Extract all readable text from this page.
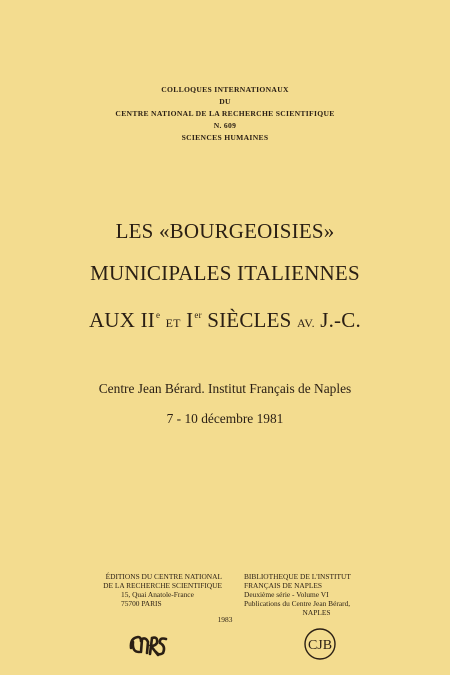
COLLOQUES INTERNATIONAUX
DU
CENTRE NATIONAL DE LA RECHERCHE SCIENTIFIQUE
N. 609
SCIENCES HUMAINES
LES «BOURGEOISIES»
MUNICIPALES ITALIENNES
AUX IIe ET Ier SIÈCLES AV. J.-C.
Centre Jean Bérard. Institut Français de Naples
7 - 10 décembre 1981
ÉDITIONS DU CENTRE NATIONAL
DE LA RECHERCHE SCIENTIFIQUE
15, Quai Anatole-France
75700 PARIS
BIBLIOTHEQUE DE L'INSTITUT
FRANÇAIS DE NAPLES
Deuxième série - Volume VI
Publications du Centre Jean Bérard,
NAPLES
1983
CJB
